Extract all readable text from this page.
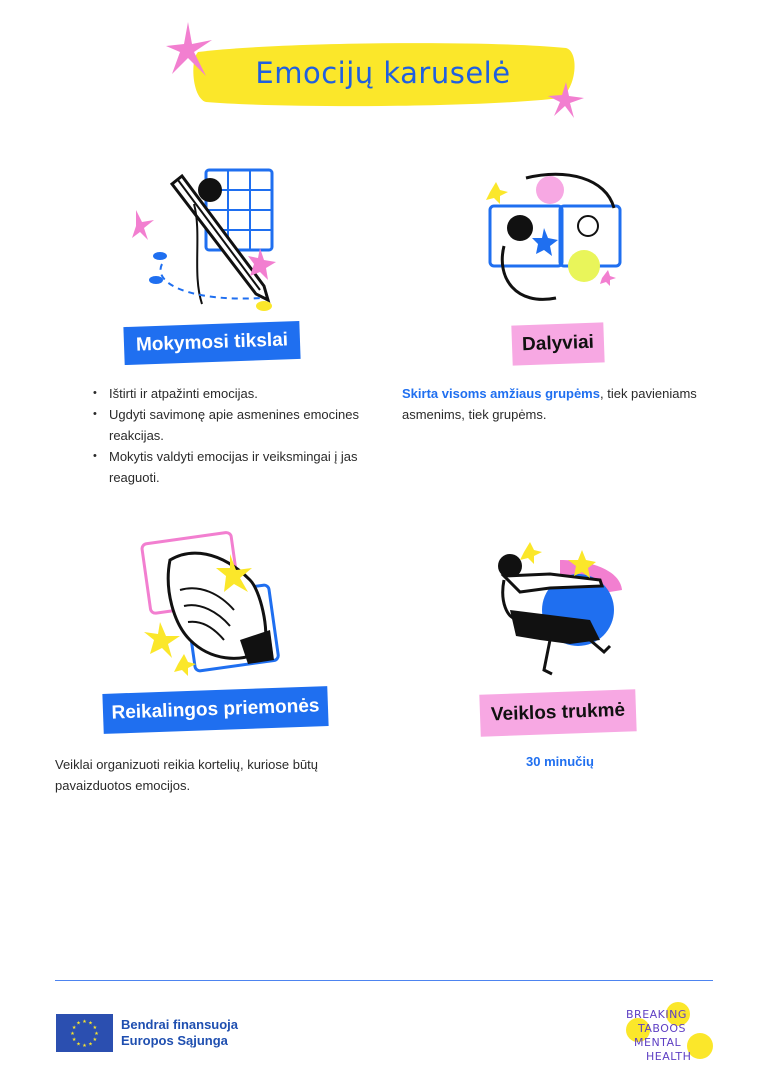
Emocijų karuselė
Mokymosi tikslai
• Ištirti ir atpažinti emocijas.
• Ugdyti savimonę apie asmenines emocines reakcijas.
• Mokytis valdyti emocijas ir veiksmingai į jas reaguoti.
Dalyviai

Skirta visoms amžiaus grupėms, tiek pavieniams asmenims, tiek grupėms.

Reikalingos priemonės

Veiklai organizuoti reikia kortelių, kuriose būtų pavaizduotos emocijos.

Veiklos trukmė
30 minučių
★ ★
★
★
★
★
★
★
★
★
★
★	Bendrai finansuoja
Europos Sąjunga
BREAKING
TABOOS
MENTAL
HEALTH
